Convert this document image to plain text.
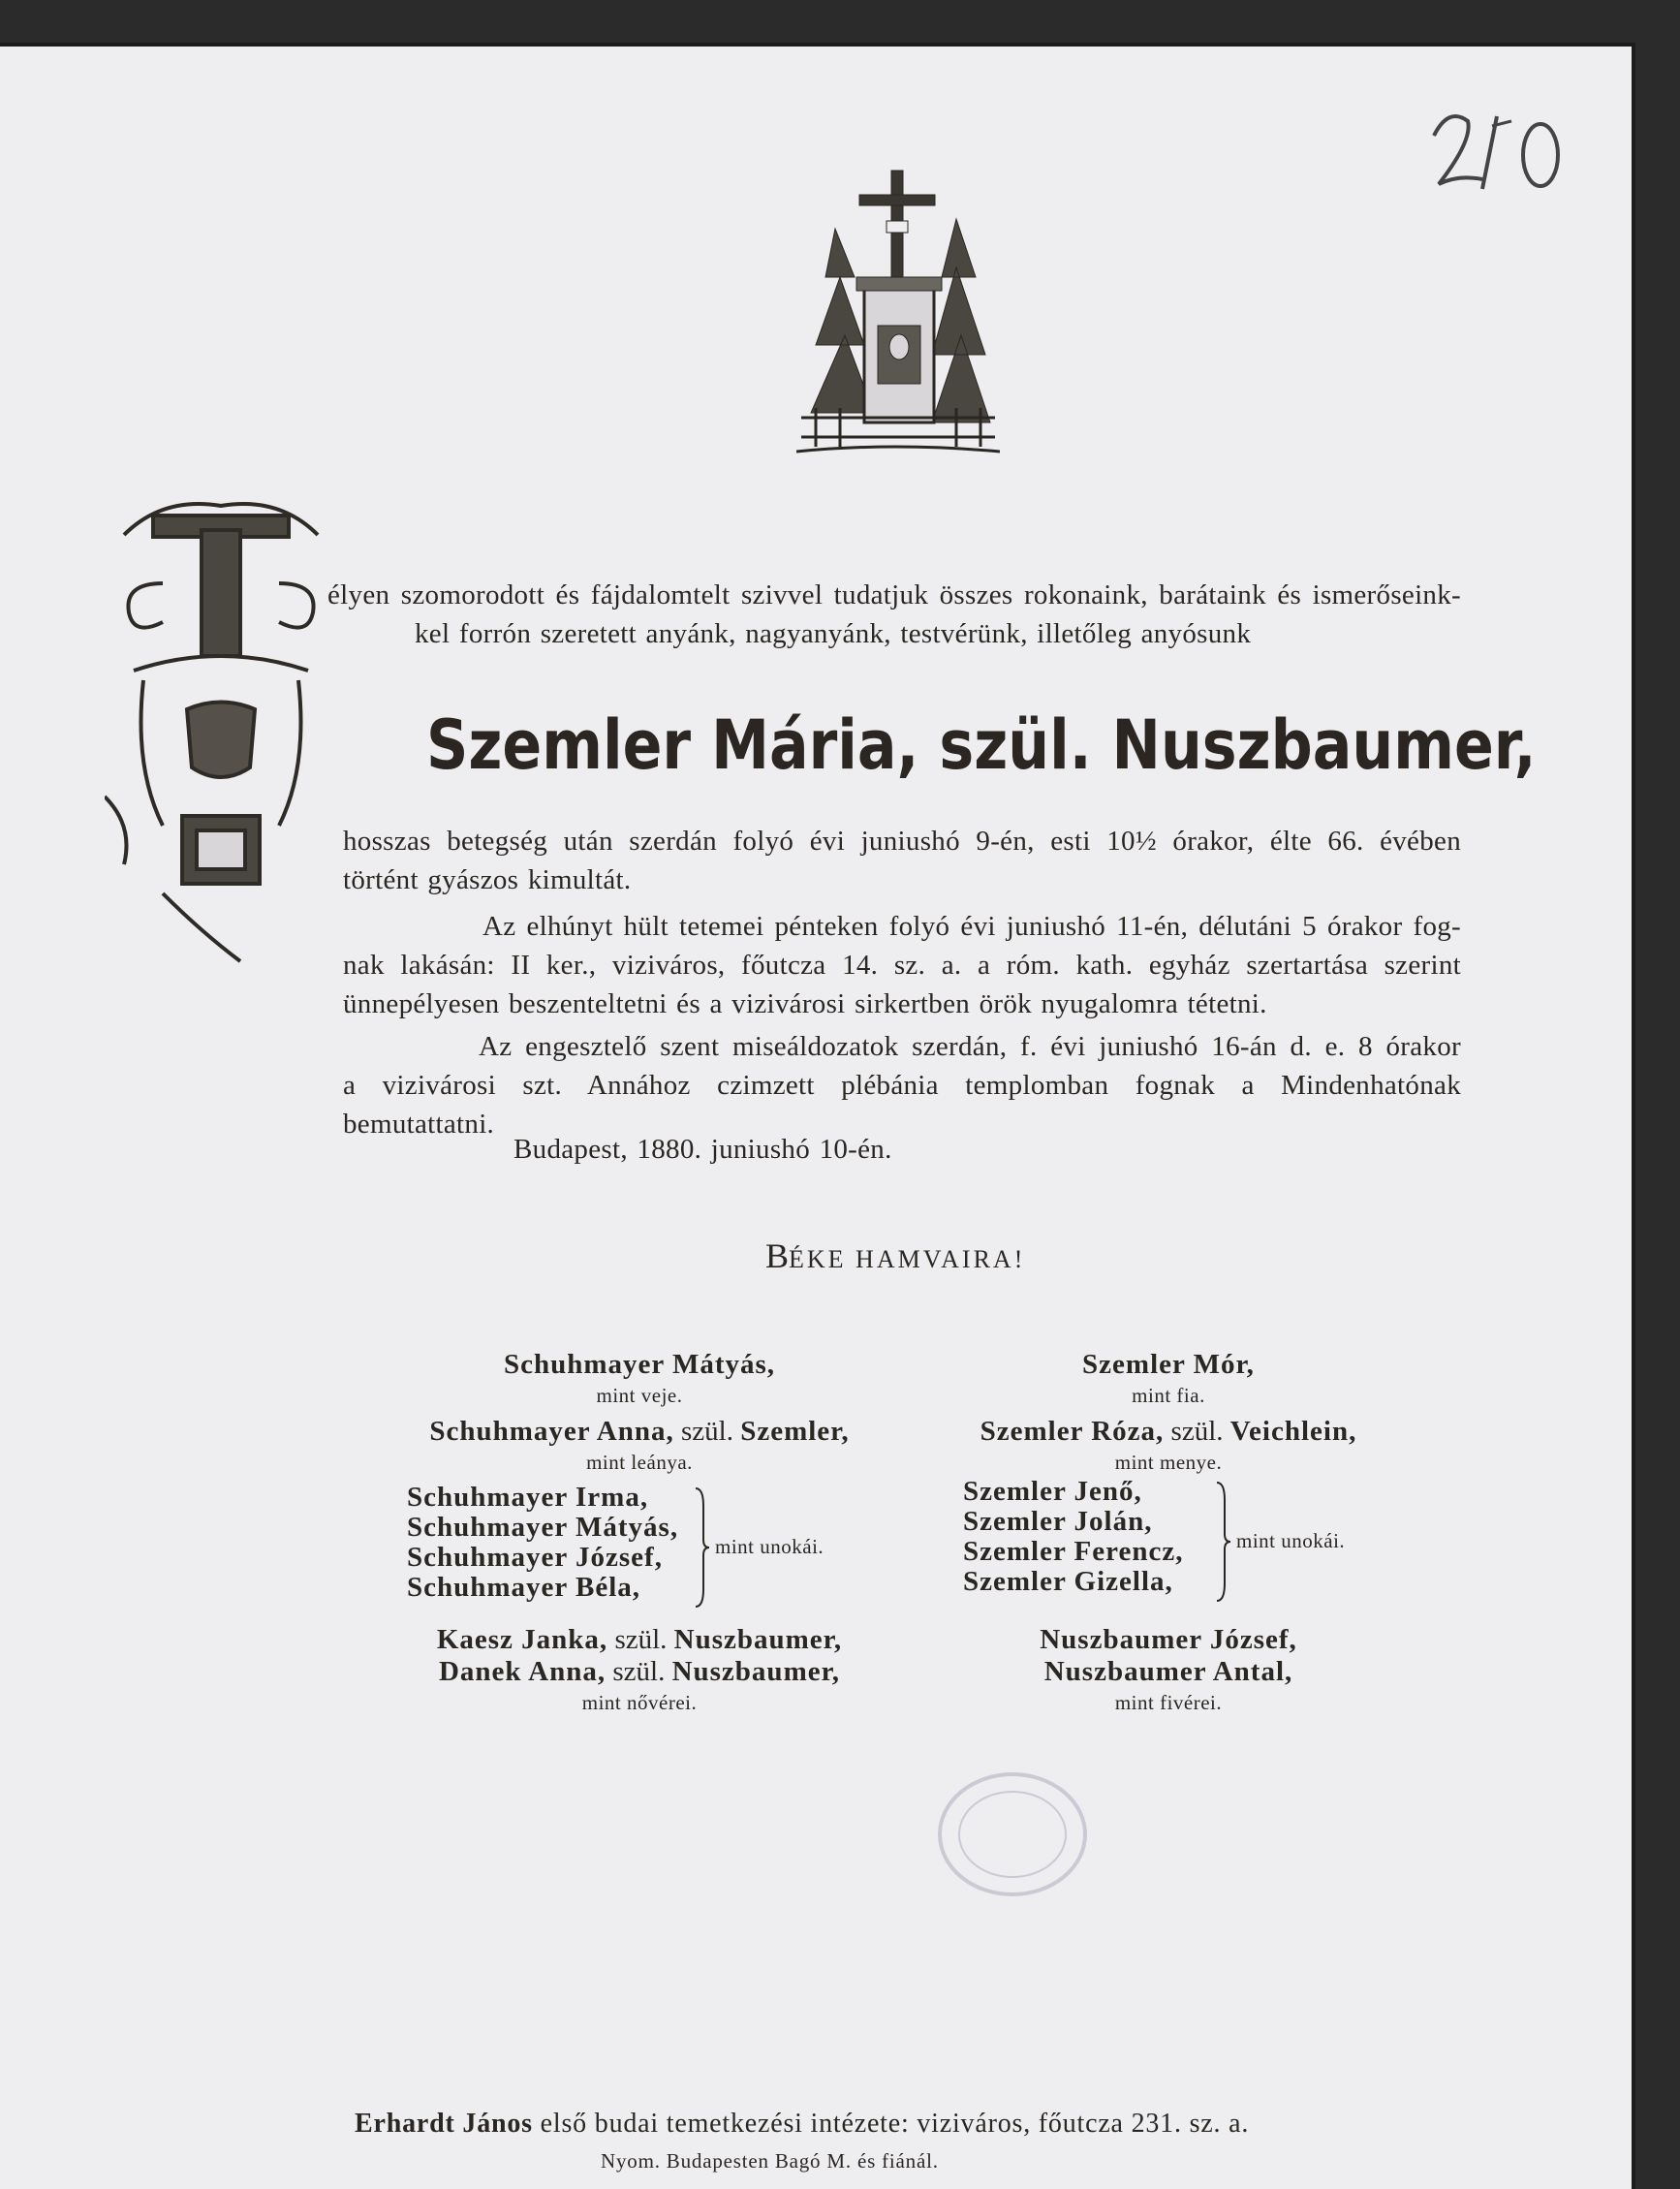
élyen szomorodott és fájdalomtelt szivvel tudatjuk összes rokonaink, barátaink és ismerőseink-
kel forrón szeretett anyánk, nagyanyánk, testvérünk, illetőleg anyósunk
Szemler Mária, szül. Nuszbaumer,
hosszas betegség után szerdán folyó évi juniushó 9-én, esti 10½ órakor, élte 66. évében
történt gyászos kimultát.
Az elhúnyt hült tetemei pénteken folyó évi juniushó 11-én, délutáni 5 órakor fog-
nak lakásán: II ker., viziváros, főutcza 14. sz. a. a róm. kath. egyház szertartása szerint
ünnepélyesen beszenteltetni és a vizivárosi sirkertben örök nyugalomra tétetni.
Az engesztelő szent miseáldozatok szerdán, f. évi juniushó 16-án d. e. 8 órakor
a vizivárosi szt. Annához czimzett plébánia templomban fognak a Mindenhatónak bemutattatni.
Budapest, 1880. juniushó 10-én.
BÉKE HAMVAIRA!
Schuhmayer Mátyás,
mint veje.
Schuhmayer Anna, szül. Szemler,
mint leánya.
Schuhmayer Irma,
Schuhmayer Mátyás,
Schuhmayer József,
Schuhmayer Béla,
mint unokái.
Kaesz Janka, szül. Nuszbaumer,
Danek Anna, szül. Nuszbaumer,
mint nővérei.
Szemler Mór,
mint fia.
Szemler Róza, szül. Veichlein,
mint menye.
Szemler Jenő,
Szemler Jolán,
Szemler Ferencz,
Szemler Gizella,
mint unokái.
Nuszbaumer József,
Nuszbaumer Antal,
mint fivérei.
Erhardt János első budai temetkezési intézete: viziváros, főutcza 231. sz. a.
Nyom. Budapesten Bagó M. és fiánál.
